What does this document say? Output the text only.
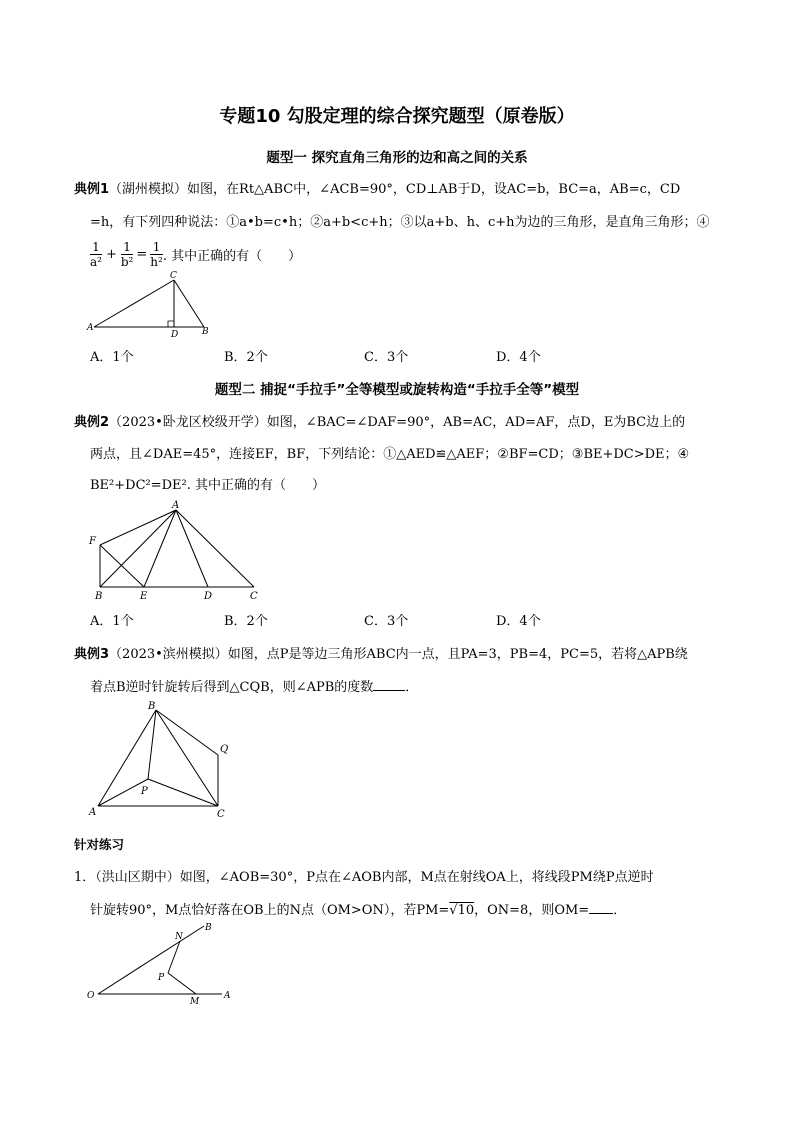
专题10 勾股定理的综合探究题型（原卷版）
题型一 探究直角三角形的边和高之间的关系
典例1（湖州模拟）如图，在Rt△ABC中，∠ACB=90°，CD⊥AB于D，设AC=b，BC=a，AB=c，CD
=h，有下列四种说法：①a•b=c•h；②a+b<c+h；③以a+b、h、c+h为边的三角形，是直角三角形；④
$\frac{1}{\text{a²}} + \frac{1}{\text{b²}} = \frac{1}{\text{h²}}$ . 其中正确的有（　　）
A	B
C
D
A．1个	B．2个	C．3个	D．4个
题型二 捕捉“手拉手”全等模型或旋转构造“手拉手全等”模型
典例2（2023•卧龙区校级开学）如图，∠BAC=∠DAF=90°，AB=AC，AD=AF，点D，E为BC边上的
两点，且∠DAE=45°，连接EF，BF，下列结论：①△AED≌△AEF；②BF=CD；③BE+DC>DE；④
BE²+DC²=DE². 其中正确的有（　　）
A
F
B	E	D	C
A．1个	B．2个	C．3个	D．4个
典例3（2023•滨州模拟）如图，点P是等边三角形ABC内一点，且PA=3，PB=4，PC=5，若将△APB绕
着点B逆时针旋转后得到△CQB，则∠APB的度数 ．
B
A	C
P
Q
针对练习
1．（洪山区期中）如图，∠AOB=30°，P点在∠AOB内部，M点在射线OA上，将线段PM绕P点逆时
针旋转90°，M点恰好落在OB上的N点（OM>ON），若PM=√10，ON=8，则OM= ．
O	A
B
N
P
M
